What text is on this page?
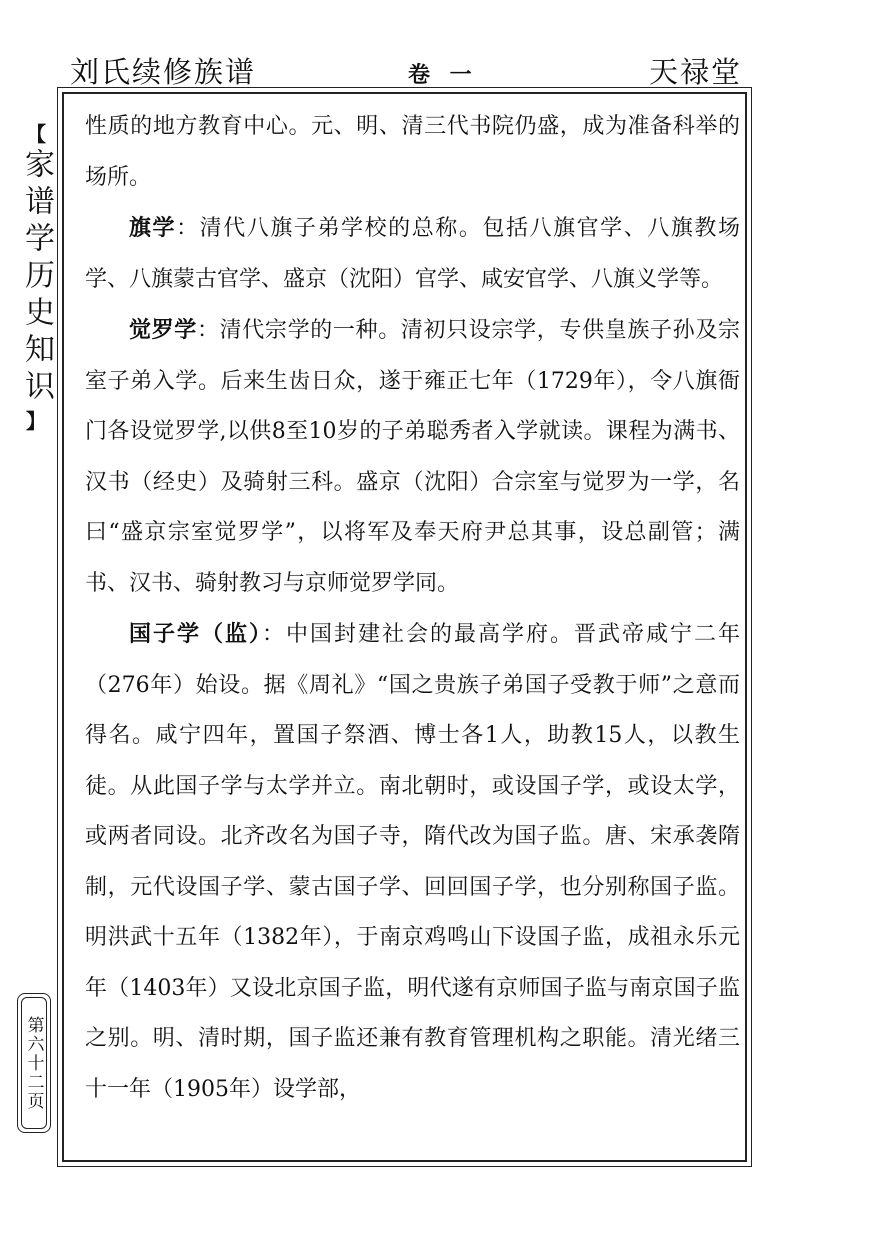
刘氏续修族谱	卷 一	天禄堂
【
家谱学历史知识
】
第六十二页

性质的地方教育中心。元、明、清三代书院仍盛，成为准备科举的场所。

旗学：清代八旗子弟学校的总称。包括八旗官学、八旗教场学、八旗蒙古官学、盛京（沈阳）官学、咸安官学、八旗义学等。

觉罗学：清代宗学的一种。清初只设宗学，专供皇族子孙及宗室子弟入学。后来生齿日众，遂于雍正七年（1729年），令八旗衙门各设觉罗学,以供8至10岁的子弟聪秀者入学就读。课程为满书、汉书（经史）及骑射三科。盛京（沈阳）合宗室与觉罗为一学，名曰“盛京宗室觉罗学”，以将军及奉天府尹总其事，设总副管；满书、汉书、骑射教习与京师觉罗学同。

国子学（监）：中国封建社会的最高学府。晋武帝咸宁二年（276年）始设。据《周礼》“国之贵族子弟国子受教于师”之意而得名。咸宁四年，置国子祭酒、博士各1人，助教15人，以教生徒。从此国子学与太学并立。南北朝时，或设国子学，或设太学，或两者同设。北齐改名为国子寺，隋代改为国子监。唐、宋承袭隋制，元代设国子学、蒙古国子学、回回国子学，也分别称国子监。明洪武十五年（1382年），于南京鸡鸣山下设国子监，成祖永乐元年（1403年）又设北京国子监，明代遂有京师国子监与南京国子监之别。明、清时期，国子监还兼有教育管理机构之职能。清光绪三十一年（1905年）设学部，
